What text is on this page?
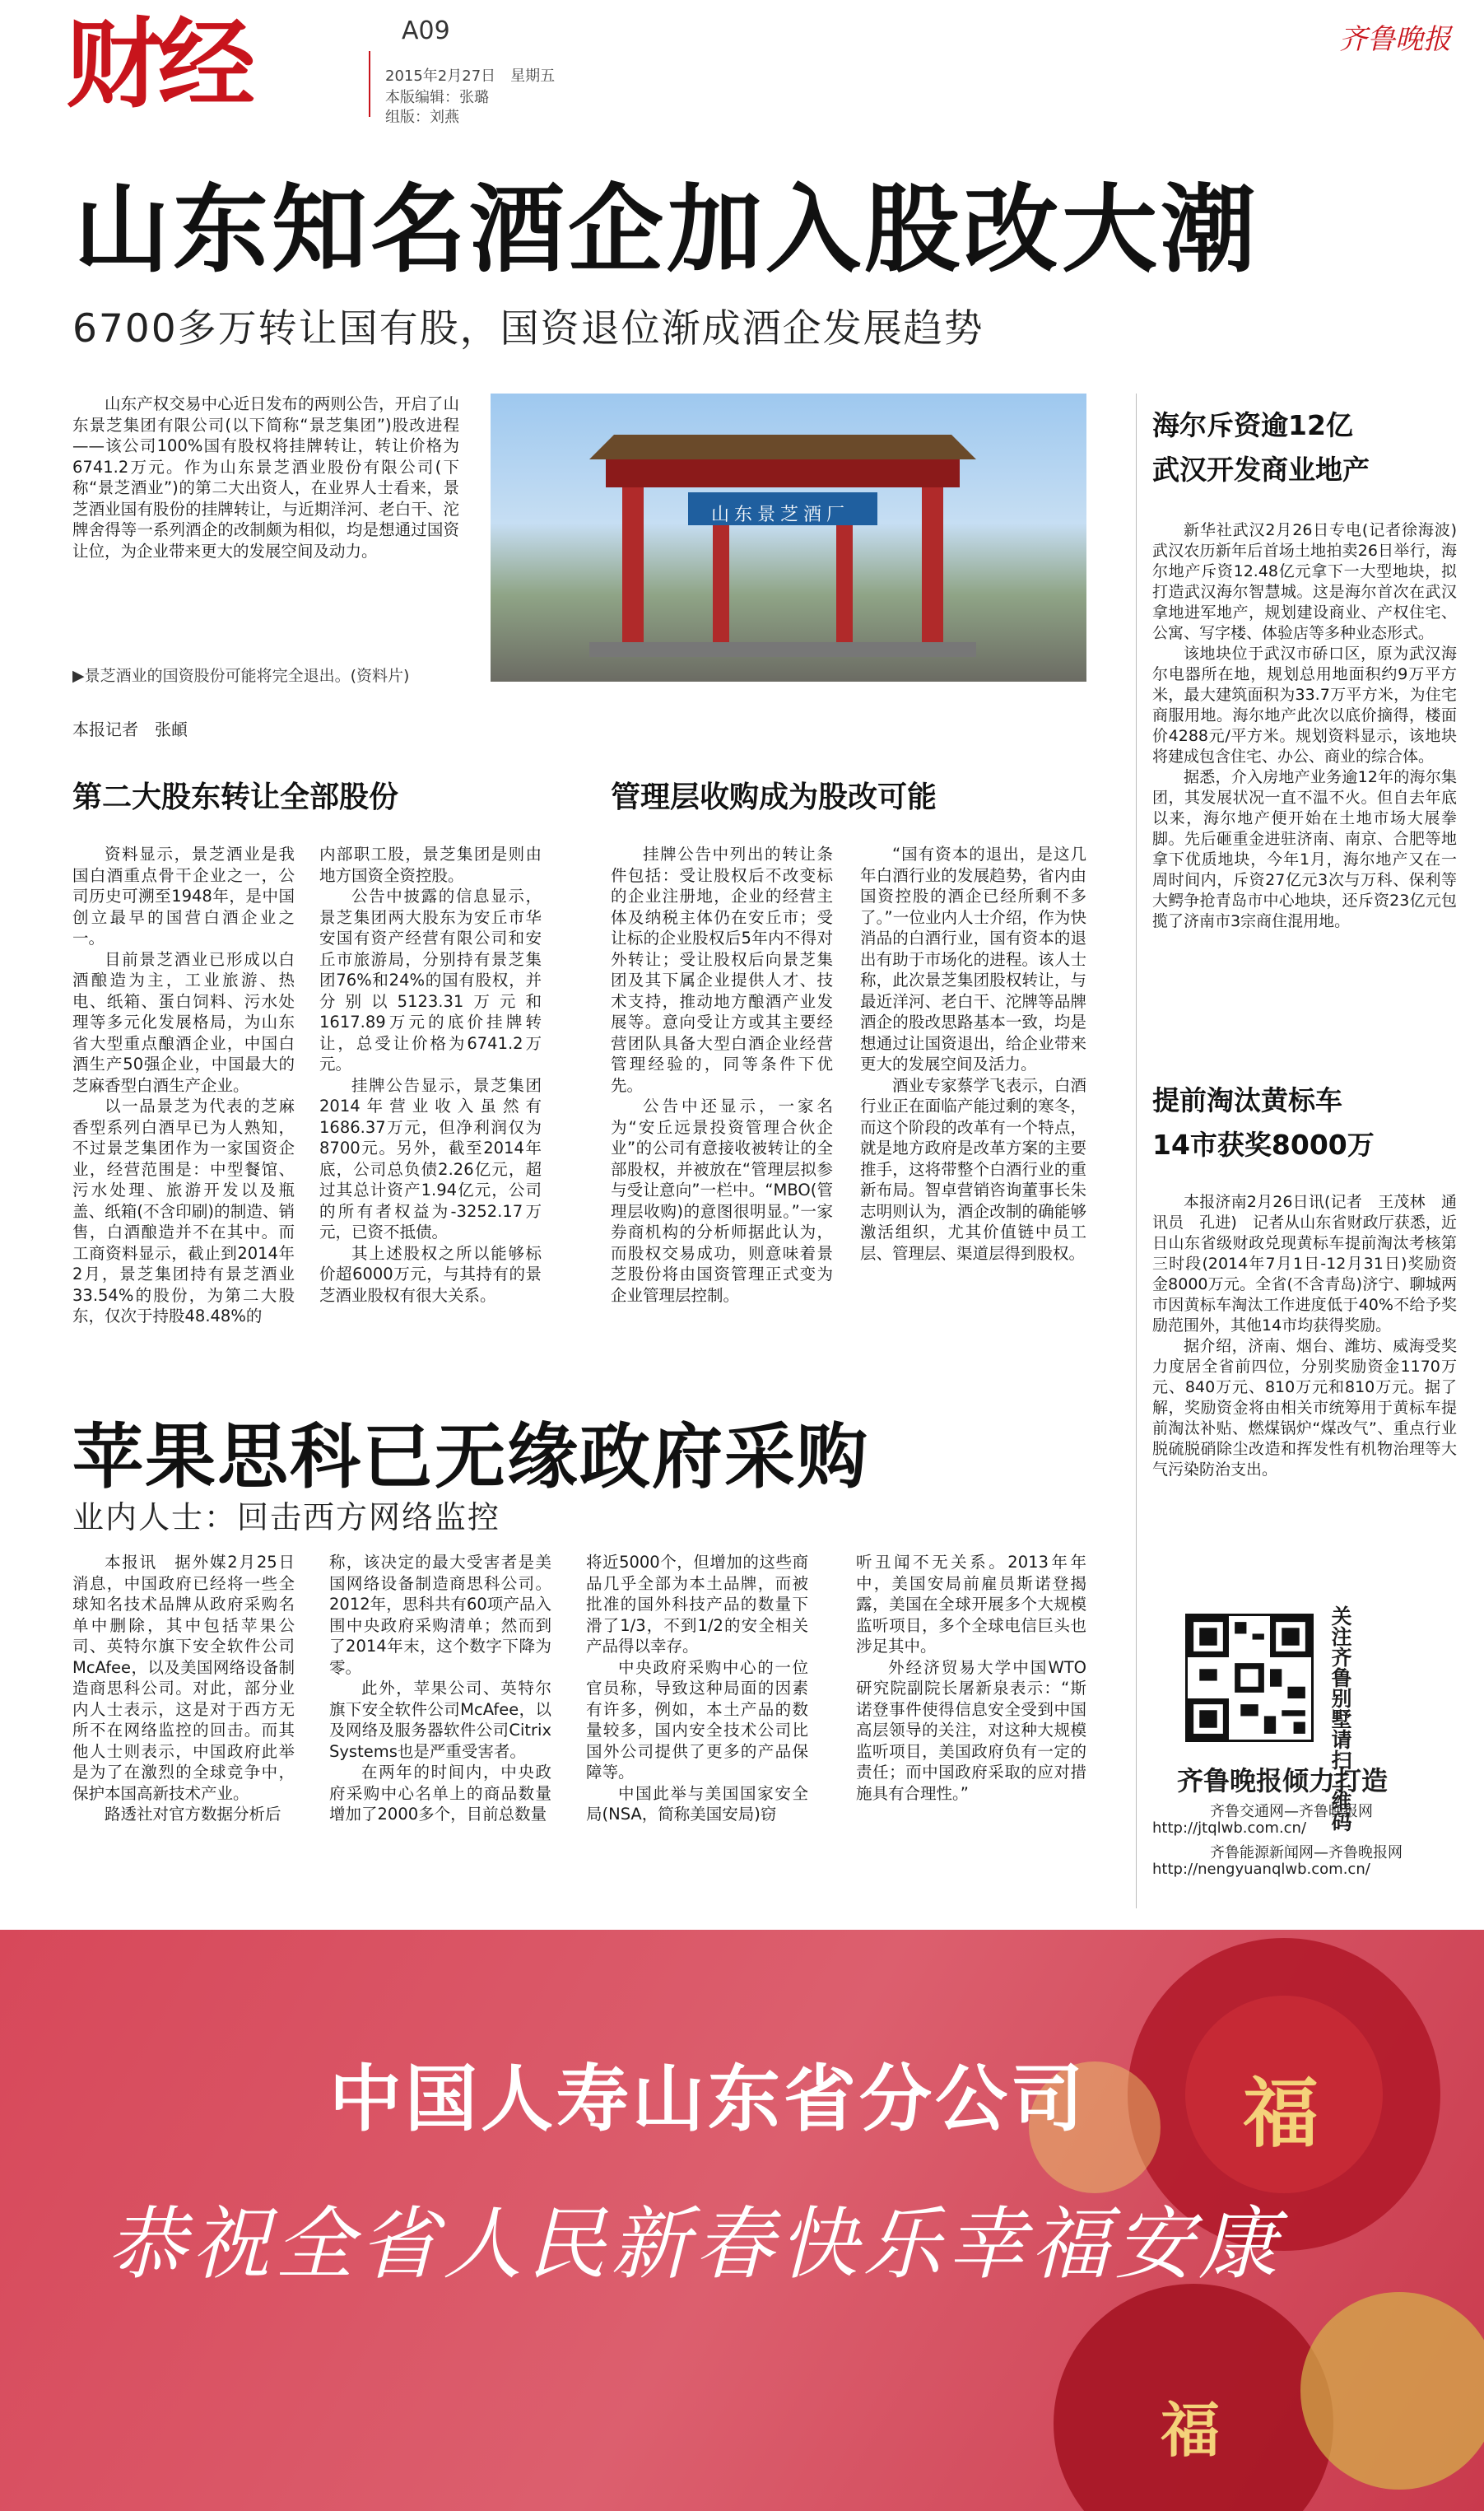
财经	A09
2015年2月27日　星期五
本版编辑：张璐
组版：刘燕
齐鲁晚报
山东知名酒企加入股改大潮
6700多万转让国有股，国资退位渐成酒企发展趋势

山东产权交易中心近日发布的两则公告，开启了山东景芝集团有限公司(以下简称“景芝集团”)股改进程——该公司100%国有股权将挂牌转让，转让价格为6741.2万元。作为山东景芝酒业股份有限公司(下称“景芝酒业”)的第二大出资人，在业界人士看来，景芝酒业国有股份的挂牌转让，与近期洋河、老白干、沱牌舍得等一系列酒企的改制颇为相似，均是想通过国资让位，为企业带来更大的发展空间及动力。

山东景芝酒厂
▶景芝酒业的国资股份可能将完全退出。(资料片)
本报记者　张頔
第二大股东转让全部股份

资料显示，景芝酒业是我国白酒重点骨干企业之一，公司历史可溯至1948年，是中国创立最早的国营白酒企业之一。

目前景芝酒业已形成以白酒酿造为主，工业旅游、热电、纸箱、蛋白饲料、污水处理等多元化发展格局，为山东省大型重点酿酒企业，中国白酒生产50强企业，中国最大的芝麻香型白酒生产企业。

以一品景芝为代表的芝麻香型系列白酒早已为人熟知，不过景芝集团作为一家国资企业，经营范围是：中型餐馆、污水处理、旅游开发以及瓶盖、纸箱(不含印刷)的制造、销售，白酒酿造并不在其中。而工商资料显示，截止到2014年2月，景芝集团持有景芝酒业33.54%的股份，为第二大股东，仅次于持股48.48%的

内部职工股，景芝集团是则由地方国资全资控股。

公告中披露的信息显示，景芝集团两大股东为安丘市华安国有资产经营有限公司和安丘市旅游局，分别持有景芝集团76%和24%的国有股权，并分别以5123.31万元和1617.89万元的底价挂牌转让，总受让价格为6741.2万元。

挂牌公告显示，景芝集团2014年营业收入虽然有1686.37万元，但净利润仅为8700元。另外，截至2014年底，公司总负债2.26亿元，超过其总计资产1.94亿元，公司的所有者权益为-3252.17万元，已资不抵债。

其上述股权之所以能够标价超6000万元，与其持有的景芝酒业股权有很大关系。

管理层收购成为股改可能

挂牌公告中列出的转让条件包括：受让股权后不改变标的企业注册地，企业的经营主体及纳税主体仍在安丘市；受让标的企业股权后5年内不得对外转让；受让股权后向景芝集团及其下属企业提供人才、技术支持，推动地方酿酒产业发展等。意向受让方或其主要经营团队具备大型白酒企业经营管理经验的，同等条件下优先。

公告中还显示，一家名为“安丘远景投资管理合伙企业”的公司有意接收被转让的全部股权，并被放在“管理层拟参与受让意向”一栏中。“MBO(管理层收购)的意图很明显。”一家券商机构的分析师据此认为，而股权交易成功，则意味着景芝股份将由国资管理正式变为企业管理层控制。

“国有资本的退出，是这几年白酒行业的发展趋势，省内由国资控股的酒企已经所剩不多了。”一位业内人士介绍，作为快消品的白酒行业，国有资本的退出有助于市场化的进程。该人士称，此次景芝集团股权转让，与最近洋河、老白干、沱牌等品牌酒企的股改思路基本一致，均是想通过让国资退出，给企业带来更大的发展空间及活力。

酒业专家蔡学飞表示，白酒行业正在面临产能过剩的寒冬，而这个阶段的改革有一个特点，就是地方政府是改革方案的主要推手，这将带整个白酒行业的重新布局。智卓营销咨询董事长朱志明则认为，酒企改制的确能够激活组织，尤其价值链中员工层、管理层、渠道层得到股权。

海尔斥资逾12亿
武汉开发商业地产

新华社武汉2月26日专电(记者徐海波)　武汉农历新年后首场土地拍卖26日举行，海尔地产斥资12.48亿元拿下一大型地块，拟打造武汉海尔智慧城。这是海尔首次在武汉拿地进军地产，规划建设商业、产权住宅、公寓、写字楼、体验店等多种业态形式。

该地块位于武汉市硚口区，原为武汉海尔电器所在地，规划总用地面积约9万平方米，最大建筑面积为33.7万平方米，为住宅商服用地。海尔地产此次以底价摘得，楼面价4288元/平方米。规划资料显示，该地块将建成包含住宅、办公、商业的综合体。

据悉，介入房地产业务逾12年的海尔集团，其发展状况一直不温不火。但自去年底以来，海尔地产便开始在土地市场大展拳脚。先后砸重金进驻济南、南京、合肥等地拿下优质地块，今年1月，海尔地产又在一周时间内，斥资27亿元3次与万科、保利等大鳄争抢青岛市中心地块，还斥资23亿元包揽了济南市3宗商住混用地。

提前淘汰黄标车
14市获奖8000万

本报济南2月26日讯(记者　王茂林　通讯员　孔进)　记者从山东省财政厅获悉，近日山东省级财政兑现黄标车提前淘汰考核第三时段(2014年7月1日-12月31日)奖励资金8000万元。全省(不含青岛)济宁、聊城两市因黄标车淘汰工作进度低于40%不给予奖励范围外，其他14市均获得奖励。

据介绍，济南、烟台、潍坊、威海受奖力度居全省前四位，分别奖励资金1170万元、840万元、810万元和810万元。据了解，奖励资金将由相关市统筹用于黄标车提前淘汰补贴、燃煤锅炉“煤改气”、重点行业脱硫脱硝除尘改造和挥发性有机物治理等大气污染防治支出。

关注齐鲁别墅请扫二维码
齐鲁晚报倾力打造
齐鲁交通网—齐鲁晚报网
http://jtqlwb.com.cn/
齐鲁能源新闻网—齐鲁晚报网
http://nengyuanqlwb.com.cn/
苹果思科已无缘政府采购
业内人士：回击西方网络监控

本报讯　据外媒2月25日消息，中国政府已经将一些全球知名技术品牌从政府采购名单中删除，其中包括苹果公司、英特尔旗下安全软件公司McAfee，以及美国网络设备制造商思科公司。对此，部分业内人士表示，这是对于西方无所不在网络监控的回击。而其他人士则表示，中国政府此举是为了在激烈的全球竞争中，保护本国高新技术产业。

路透社对官方数据分析后

称，该决定的最大受害者是美国网络设备制造商思科公司。2012年，思科共有60项产品入围中央政府采购清单；然而到了2014年末，这个数字下降为零。

此外，苹果公司、英特尔旗下安全软件公司McAfee，以及网络及服务器软件公司Citrix Systems也是严重受害者。

在两年的时间内，中央政府采购中心名单上的商品数量增加了2000多个，目前总数量

将近5000个，但增加的这些商品几乎全部为本土品牌，而被批准的国外科技产品的数量下滑了1/3，不到1/2的安全相关产品得以幸存。

中央政府采购中心的一位官员称，导致这种局面的因素有许多，例如，本土产品的数量较多，国内安全技术公司比国外公司提供了更多的产品保障等。

中国此举与美国国家安全局(NSA，简称美国安局)窃

听丑闻不无关系。2013年年中，美国安局前雇员斯诺登揭露，美国在全球开展多个大规模监听项目，多个全球电信巨头也涉足其中。

外经济贸易大学中国WTO研究院副院长屠新泉表示：“斯诺登事件使得信息安全受到中国高层领导的关注，对这种大规模监听项目，美国政府负有一定的责任；而中国政府采取的应对措施具有合理性。”

福
福
中国人寿山东省分公司
恭祝全省人民新春快乐幸福安康
